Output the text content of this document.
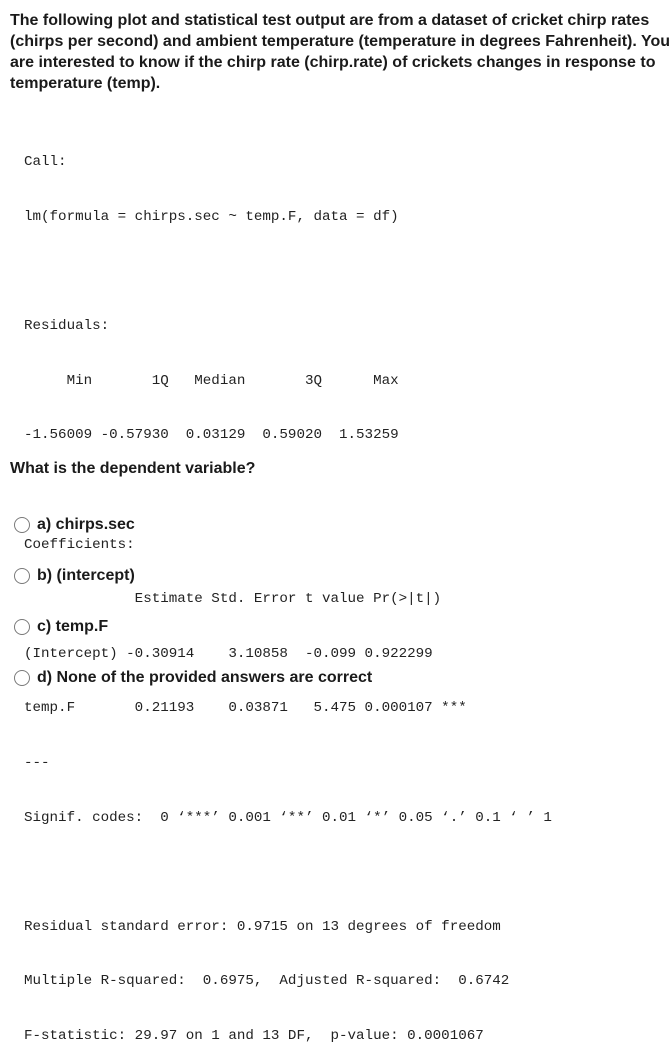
The following plot and statistical test output are from a dataset of cricket chirp rates (chirps per second) and ambient temperature (temperature in degrees Fahrenheit). You are interested to know if the chirp rate (chirp.rate) of crickets changes in response to temperature (temp).

Call:

lm(formula = chirps.sec ~ temp.F, data = df)

Residuals:

Min       1Q   Median       3Q      Max

-1.56009 -0.57930  0.03129  0.59020  1.53259

Coefficients:

Estimate Std. Error t value Pr(>|t|)

(Intercept) -0.30914    3.10858  -0.099 0.922299

temp.F       0.21193    0.03871   5.475 0.000107 ***

---

Signif. codes:  0 ‘***’ 0.001 ‘**’ 0.01 ‘*’ 0.05 ‘.’ 0.1 ‘ ’ 1

Residual standard error: 0.9715 on 13 degrees of freedom

Multiple R-squared:  0.6975,  Adjusted R-squared:  0.6742

F-statistic: 29.97 on 1 and 13 DF,  p-value: 0.0001067

What is the dependent variable?

a) chirps.sec
b) (intercept)
c) temp.F
d) None of the provided answers are correct
